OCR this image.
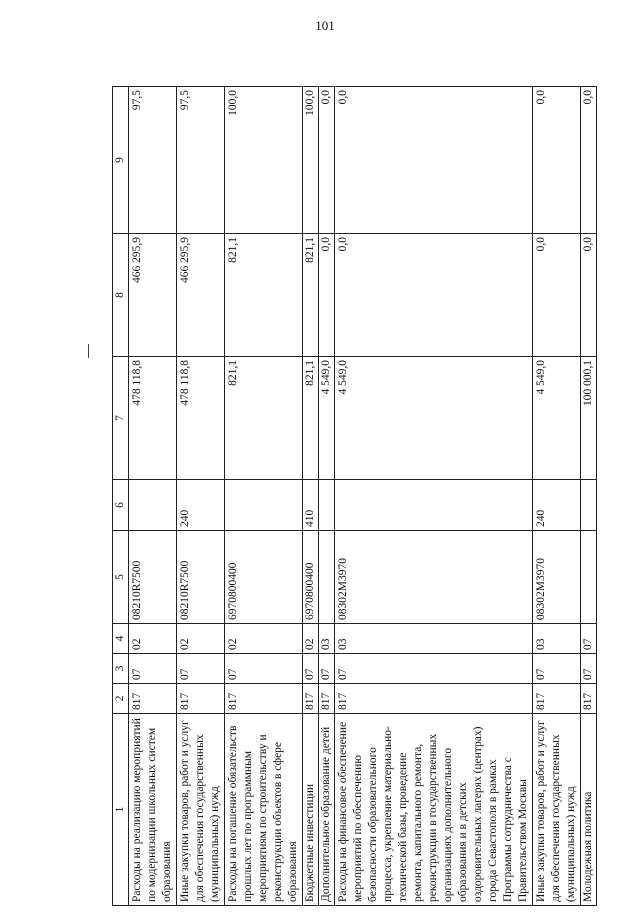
101
1	2	3	4	5	6	7	8	9
Расходы на реализацию мероприятий по модернизации школьных систем образования	817	07	02	08210R7500		478 118,8	466 295,9	97,5
Иные закупки товаров, работ и услуг для обеспечения государственных (муниципальных) нужд	817	07	02	08210R7500	240	478 118,8	466 295,9	97,5
Расходы на погашение обязательств прошлых лет по программным мероприятиям по строительству и реконструкции объектов в сфере образования	817	07	02	6970800400		821,1	821,1	100,0
Бюджетные инвестиции	817	07	02	6970800400	410	821,1	821,1	100,0
Дополнительное образование детей	817	07	03			4 549,0	0,0	0,0
Расходы на финансовое обеспечение мероприятий по обеспечению безопасности образовательного процесса, укрепление материально-технической базы, проведение ремонта, капитального ремонта, реконструкции в государственных организациях дополнительного образования и в детских оздоровительных лагерях (центрах) города Севастополя в рамках Программы сотрудничества с Правительством Москвы	817	07	03	08302М3970		4 549,0	0,0	0,0
Иные закупки товаров, работ и услуг для обеспечения государственных (муниципальных) нужд	817	07	03	08302М3970	240	4 549,0	0,0	0,0
Молодежная политика	817	07	07			100 000,1	0,0	0,0
